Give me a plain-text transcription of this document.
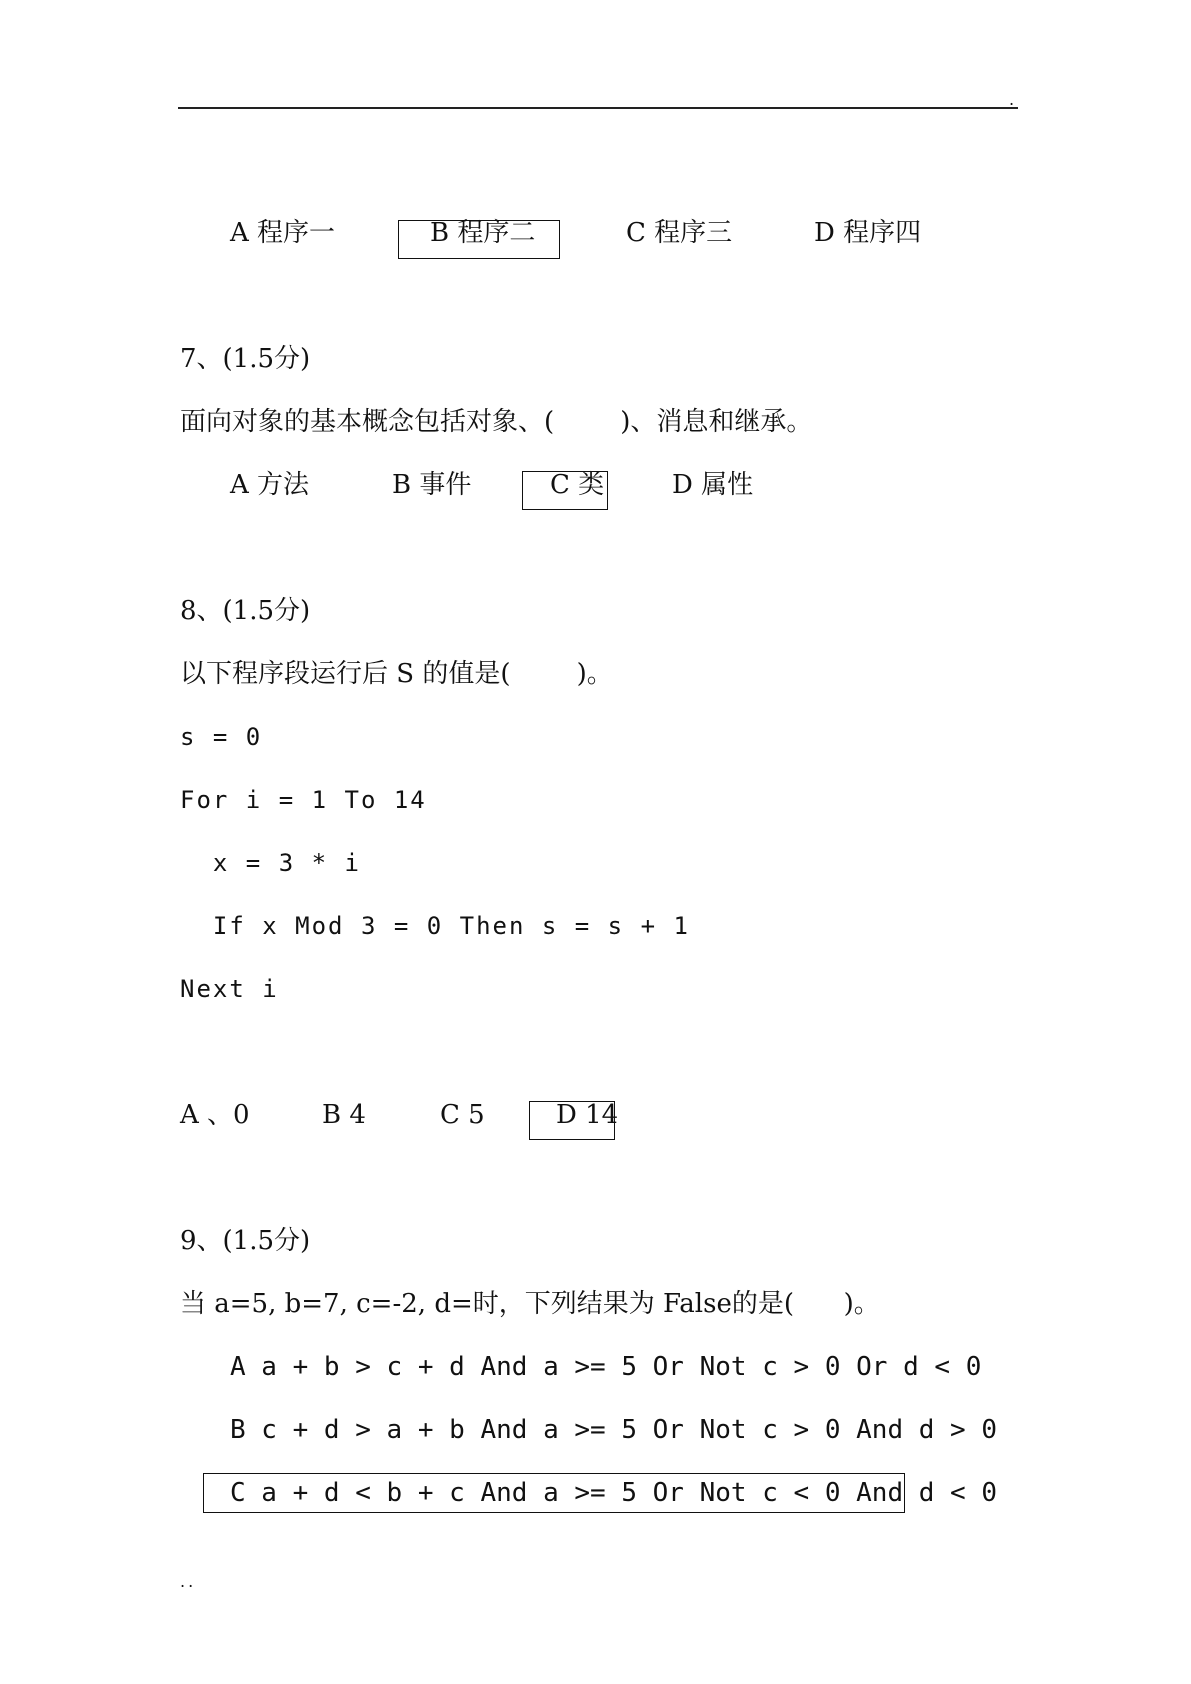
.
A 程序一	B 程序二	C 程序三	D 程序四
7、(1.5分)
面向对象的基本概念包括对象、(        )、消息和继承。
A 方法	B 事件	C 类	D 属性
8、(1.5分)
以下程序段运行后 S 的值是(        )。
s = 0
For i = 1 To 14
x = 3 * i
If x Mod 3 = 0 Then s = s + 1
Next i
A 、0	B 4	C 5	D 14
9、(1.5分)
当 a=5, b=7, c=-2, d=时，下列结果为 False的是(      )。
A a + b > c + d And a >= 5 Or Not c > 0 Or d < 0
B c + d > a + b And a >= 5 Or Not c > 0 And d > 0
C a + d < b + c And a >= 5 Or Not c < 0 And d < 0
..
